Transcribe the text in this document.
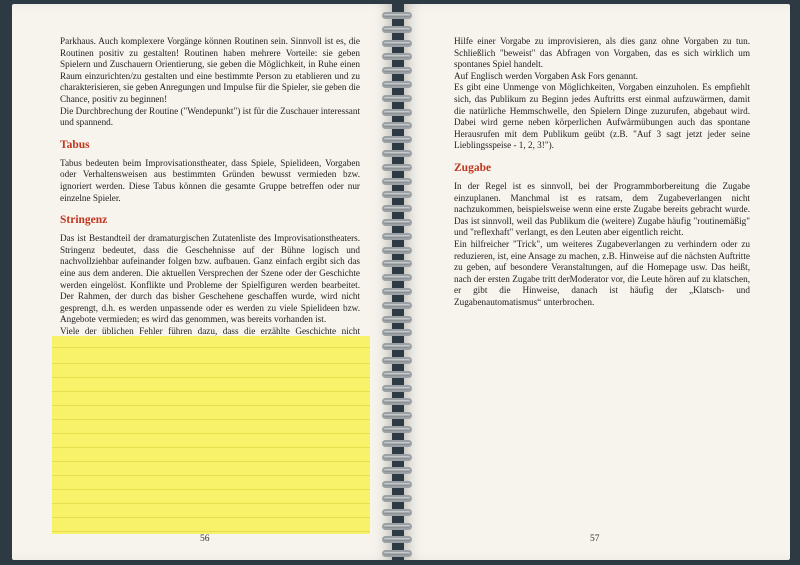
Parkhaus. Auch komplexere Vorgänge können Routinen sein. Sinnvoll ist es, die Routinen positiv zu gestalten! Routinen haben mehrere Vorteile: sie geben Spielern und Zuschauern Orientierung, sie geben die Möglichkeit, in Ruhe einen Raum einzurichten/zu gestalten und eine bestimmte Person zu etablieren und zu charakterisieren, sie geben Anregungen und Impulse für die Spieler, sie geben die Chance, positiv zu beginnen!

Die Durchbrechung der Routine ("Wendepunkt") ist für die Zuschauer interessant und spannend.

Tabus

Tabus bedeuten beim Improvisationstheater, dass Spiele, Spielideen, Vorgaben oder Verhaltensweisen aus bestimmten Gründen bewusst vermieden bzw. ignoriert werden. Diese Tabus können die gesamte Gruppe betreffen oder nur einzelne Spieler.

Stringenz

Das ist Bestandteil der dramaturgischen Zutatenliste des Improvisationstheaters. Stringenz bedeutet, dass die Geschehnisse auf der Bühne logisch und nachvollziehbar aufeinander folgen bzw. aufbauen. Ganz einfach ergibt sich das eine aus dem anderen. Die aktuellen Versprechen der Szene oder der Geschichte werden eingelöst. Konflikte und Probleme der Spielfiguren werden bearbeitet. Der Rahmen, der durch das bisher Geschehene geschaffen wurde, wird nicht gesprengt, d.h. es werden unpassende oder es werden zu viele Spielideen bzw. Angebote vermieden; es wird das genommen, was bereits vorhanden ist.

Viele der üblichen Fehler führen dazu, dass die erzählte Geschichte nicht

56

Hilfe einer Vorgabe zu improvisieren, als dies ganz ohne Vorgaben zu tun. Schließlich "beweist" das Abfragen von Vorgaben, das es sich wirklich um spontanes Spiel handelt.

Auf Englisch werden Vorgaben Ask Fors genannt.

Es gibt eine Unmenge von Möglichkeiten, Vorgaben einzuholen. Es empfiehlt sich, das Publikum zu Beginn jedes Auftritts erst einmal aufzuwärmen, damit die natürliche Hemmschwelle, den Spielern Dinge zuzurufen, abgebaut wird. Dabei wird gerne neben körperlichen Aufwärmübungen auch das spontane Herausrufen mit dem Publikum geübt (z.B. "Auf 3 sagt jetzt jeder seine Lieblingsspeise - 1, 2, 3!").

Zugabe

In der Regel ist es sinnvoll, bei der Programmborbereitung die Zugabe einzuplanen. Manchmal ist es ratsam, dem Zugabeverlangen nicht nachzukommen, beispielsweise wenn eine erste Zugabe bereits gebracht wurde. Das ist sinnvoll, weil das Publikum die (weitere) Zugabe häufig "routinemäßig" und "reflexhaft" verlangt, es den Leuten aber eigentlich reicht.

Ein hilfreicher "Trick", um weiteres Zugabeverlangen zu verhindern oder zu reduzieren, ist, eine Ansage zu machen, z.B. Hinweise auf die nächsten Auftritte zu geben, auf besondere Veranstaltungen, auf die Homepage usw. Das heißt, nach der ersten Zugabe tritt derModerator vor, die Leute hören auf zu klatschen, er gibt die Hinweise, danach ist häufig der „Klatsch- und Zugabenautomatismus“ unterbrochen.

57
